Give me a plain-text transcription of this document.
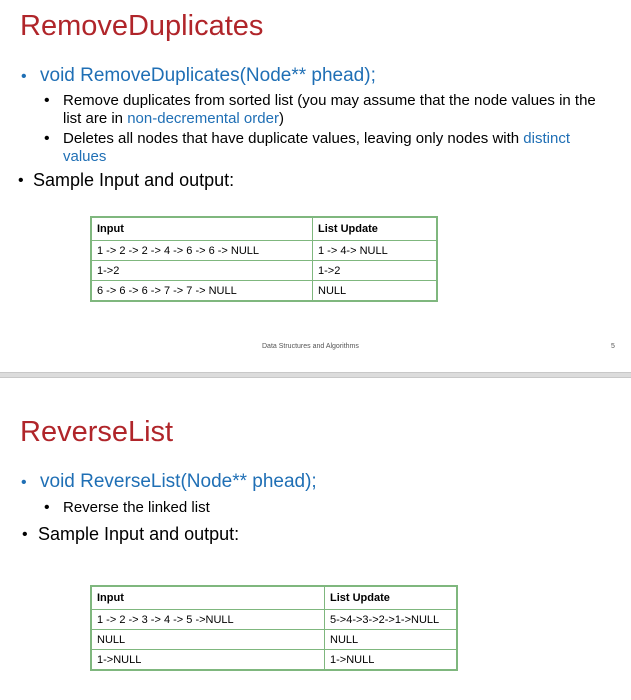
RemoveDuplicates
• void RemoveDuplicates(Node** phead);
• Remove duplicates from sorted list (you may assume that the node values in the list are in non-decremental order)
• Deletes all nodes that have duplicate values, leaving only nodes with distinct values
• Sample Input and output:
Input	List Update
1 -> 2 -> 2 -> 4 -> 6 -> 6 -> NULL	1 -> 4-> NULL
1->2	1->2
6 -> 6 -> 6 -> 7 -> 7 -> NULL	NULL
Data Structures and Algorithms	5
ReverseList
• void ReverseList(Node** phead);
• Reverse the linked list
• Sample Input and output:
Input	List Update
1 -> 2 -> 3 -> 4 -> 5 ->NULL	5->4->3->2->1->NULL
NULL	NULL
1->NULL	1->NULL
